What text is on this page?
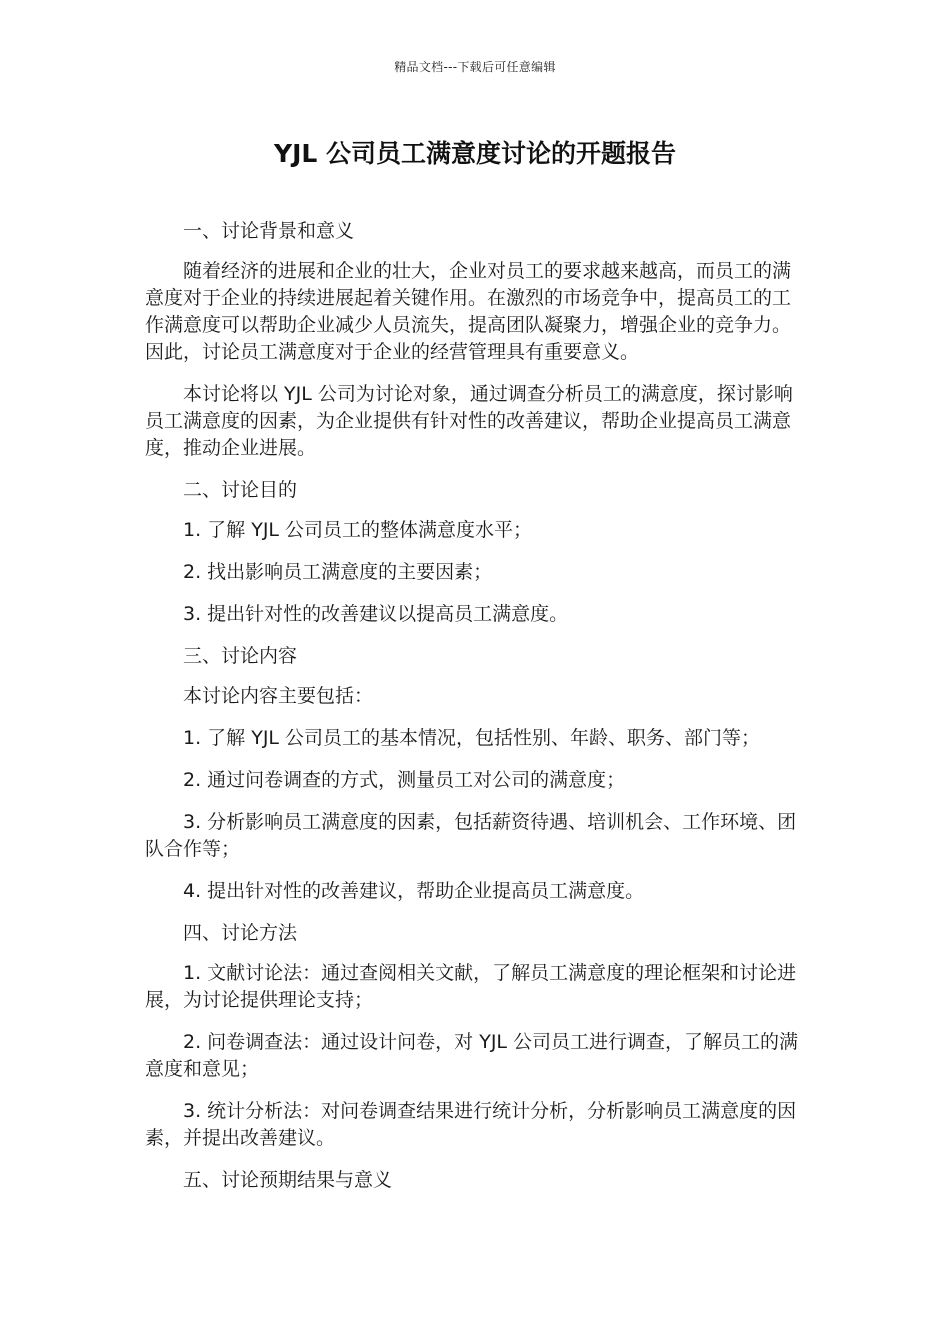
精品文档---下载后可任意编辑
YJL 公司员工满意度讨论的开题报告

一、讨论背景和意义

随着经济的进展和企业的壮大，企业对员工的要求越来越高，而员工的满意度对于企业的持续进展起着关键作用。在激烈的市场竞争中，提高员工的工作满意度可以帮助企业减少人员流失，提高团队凝聚力，增强企业的竞争力。因此，讨论员工满意度对于企业的经营管理具有重要意义。

本讨论将以 YJL 公司为讨论对象，通过调查分析员工的满意度，探讨影响员工满意度的因素，为企业提供有针对性的改善建议，帮助企业提高员工满意度，推动企业进展。

二、讨论目的

1. 了解 YJL 公司员工的整体满意度水平；

2. 找出影响员工满意度的主要因素；

3. 提出针对性的改善建议以提高员工满意度。

三、讨论内容

本讨论内容主要包括：

1. 了解 YJL 公司员工的基本情况，包括性别、年龄、职务、部门等；

2. 通过问卷调查的方式，测量员工对公司的满意度；

3. 分析影响员工满意度的因素，包括薪资待遇、培训机会、工作环境、团队合作等；

4. 提出针对性的改善建议，帮助企业提高员工满意度。

四、讨论方法

1. 文献讨论法：通过查阅相关文献，了解员工满意度的理论框架和讨论进展，为讨论提供理论支持；

2. 问卷调查法：通过设计问卷，对 YJL 公司员工进行调查，了解员工的满意度和意见；

3. 统计分析法：对问卷调查结果进行统计分析，分析影响员工满意度的因素，并提出改善建议。

五、讨论预期结果与意义
